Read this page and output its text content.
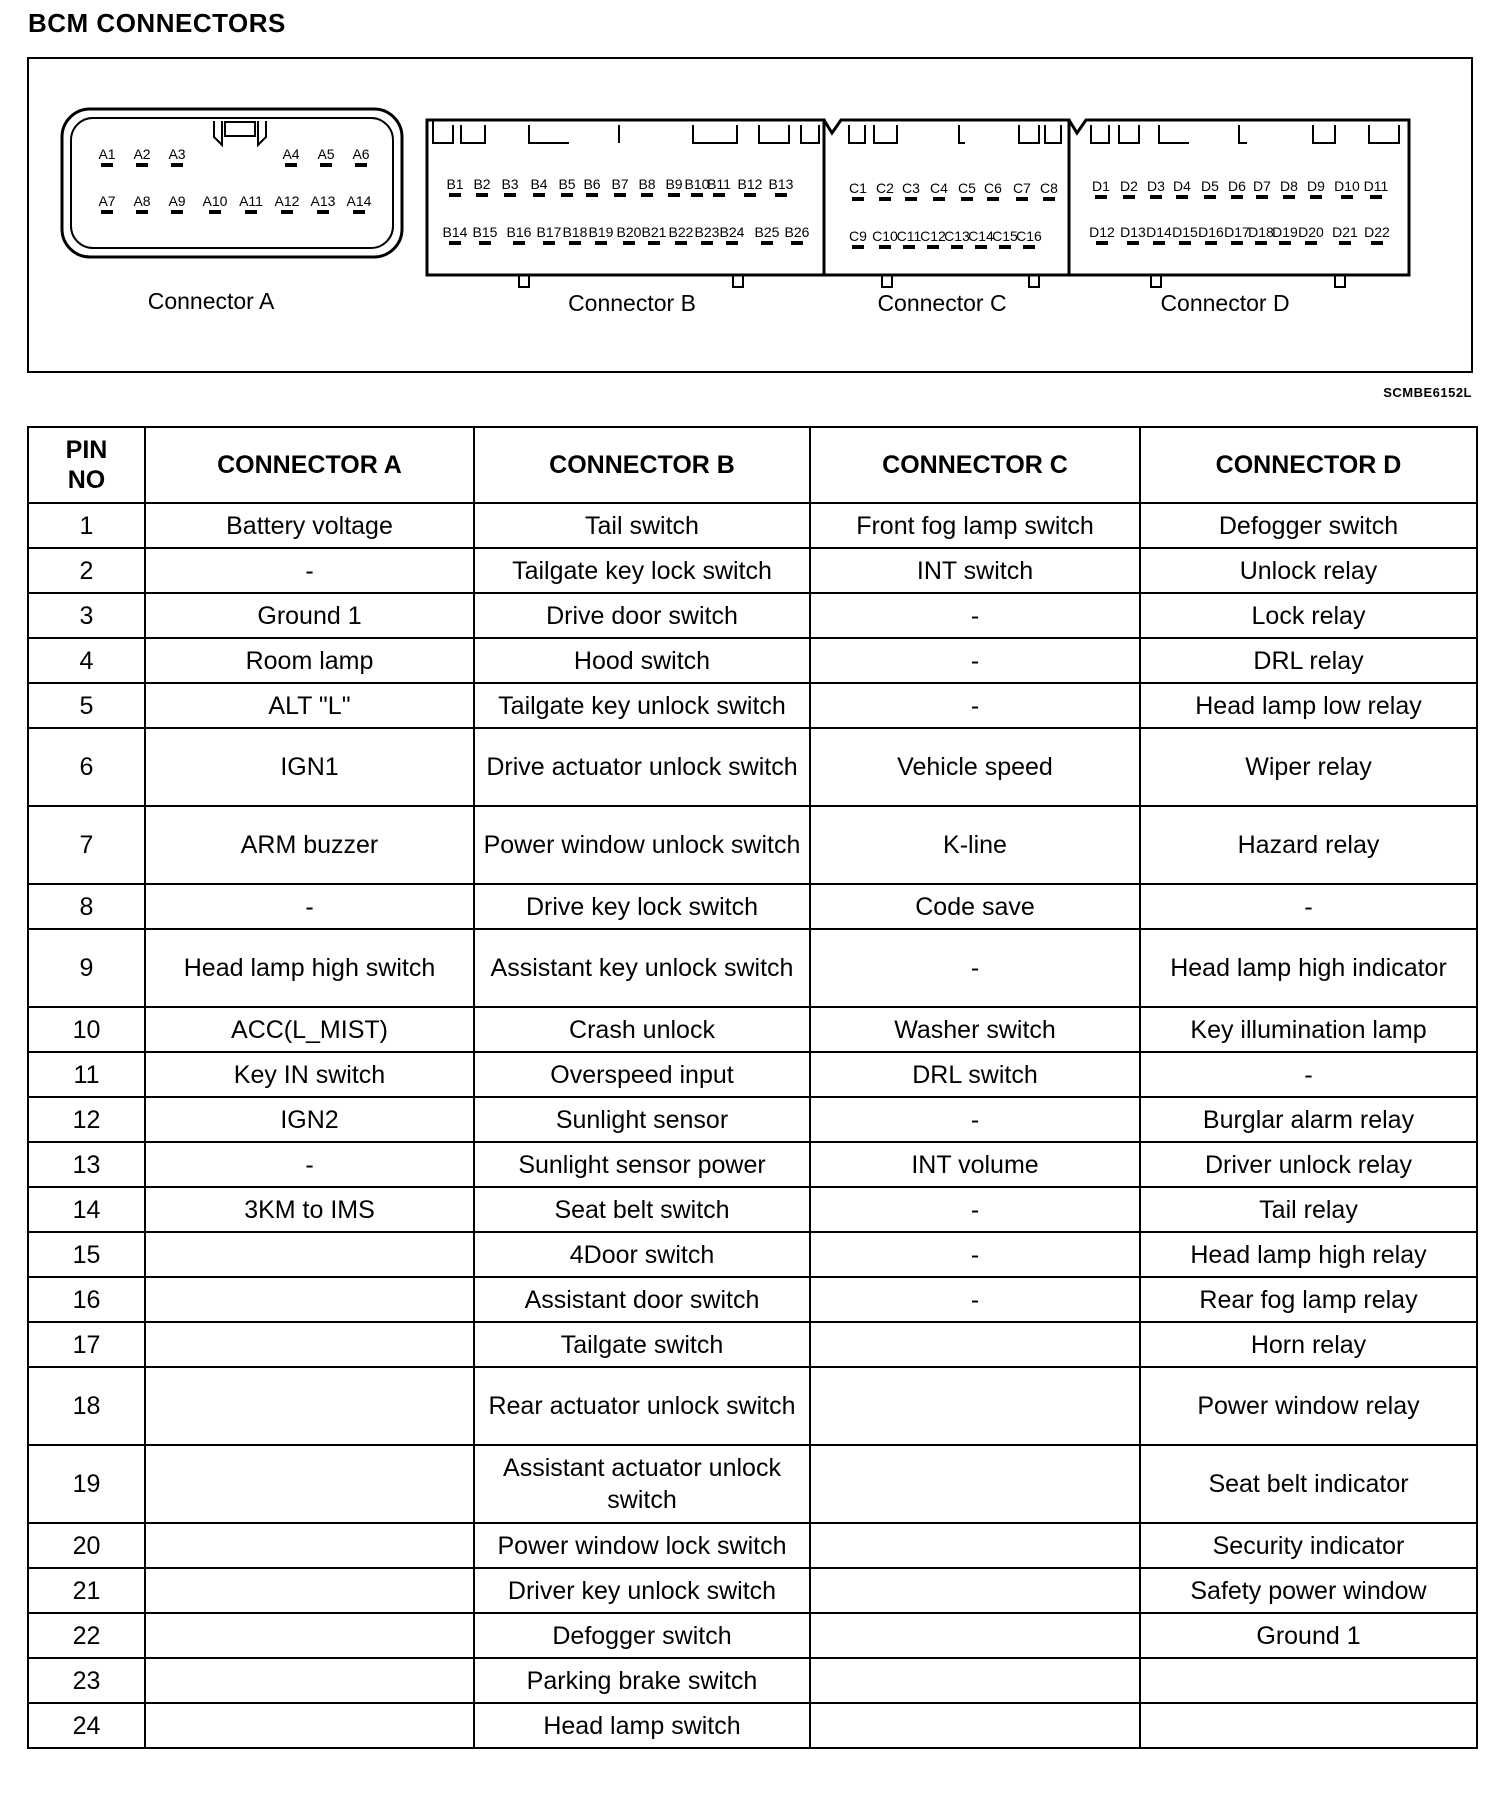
BCM CONNECTORS
A1 A2 A3	A4 A5 A6
A7 A8 A9 A10 A11 A12 A13 A14
B1 B2 B3 B4 B5 B6 B7 B8 B9 B10
B11 B12 B13
B14 B15 B16 B17 B18 B19 B20 B21 B22 B23 B24 B25 B26
C1 C2 C3 C4 C5 C6 C7 C8
C9 C10
C11
C12
C13
C14
C15
C16
D1 D2 D3 D4 D5 D6 D7 D8 D9 D10 D11
D12 D13 D14 D15 D16 D17
D18
D19 D20 D21 D22
Connector A	Connector B	Connector C	Connector D
SCMBE6152L
PIN
NO	CONNECTOR A	CONNECTOR B	CONNECTOR C	CONNECTOR D
1	Battery voltage	Tail switch	Front fog lamp switch	Defogger switch
2	-	Tailgate key lock switch	INT switch	Unlock relay
3	Ground 1	Drive door switch	-	Lock relay
4	Room lamp	Hood switch	-	DRL relay
5	ALT "L"	Tailgate key unlock switch	-	Head lamp low relay
6	IGN1	Drive actuator unlock switch	Vehicle speed	Wiper relay
7	ARM buzzer	Power window unlock switch	K-line	Hazard relay
8	-	Drive key lock switch	Code save	-
9	Head lamp high switch	Assistant key unlock switch	-	Head lamp high indicator
10	ACC(L_MIST)	Crash unlock	Washer switch	Key illumination lamp
11	Key IN switch	Overspeed input	DRL switch	-
12	IGN2	Sunlight sensor	-	Burglar alarm relay
13	-	Sunlight sensor power	INT volume	Driver unlock relay
14	3KM to IMS	Seat belt switch	-	Tail relay
15		4Door switch	-	Head lamp high relay
16		Assistant door switch	-	Rear fog lamp relay
17		Tailgate switch		Horn relay
18		Rear actuator unlock switch		Power window relay
19		Assistant actuator unlock switch		Seat belt indicator
20		Power window lock switch		Security indicator
21		Driver key unlock switch		Safety power window
22		Defogger switch		Ground 1
23		Parking brake switch		
24		Head lamp switch		
